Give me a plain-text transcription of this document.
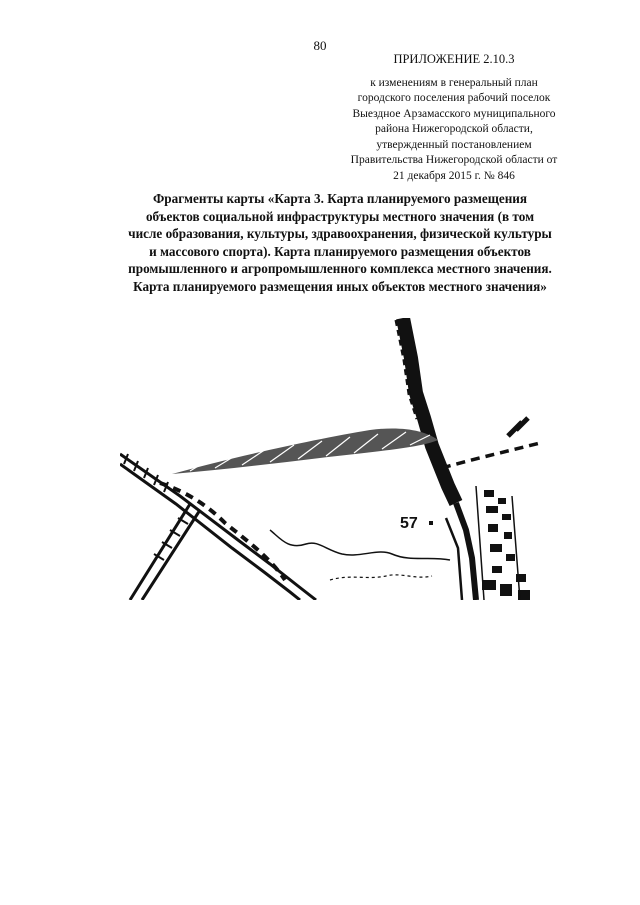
80
ПРИЛОЖЕНИЕ 2.10.3
к изменениям в генеральный план
городского поселения рабочий поселок
Выездное Арзамасского муниципального
района Нижегородской области,
утвержденный постановлением
Правительства Нижегородской области от
21 декабря 2015 г. № 846
Фрагменты карты «Карта 3. Карта планируемого размещения
объектов социальной инфраструктуры местного значения (в том
числе образования, культуры, здравоохранения, физической культуры
и массового спорта). Карта планируемого размещения объектов
промышленного и агропромышленного комплекса местного значения.
Карта планируемого размещения иных объектов местного значения»
57
